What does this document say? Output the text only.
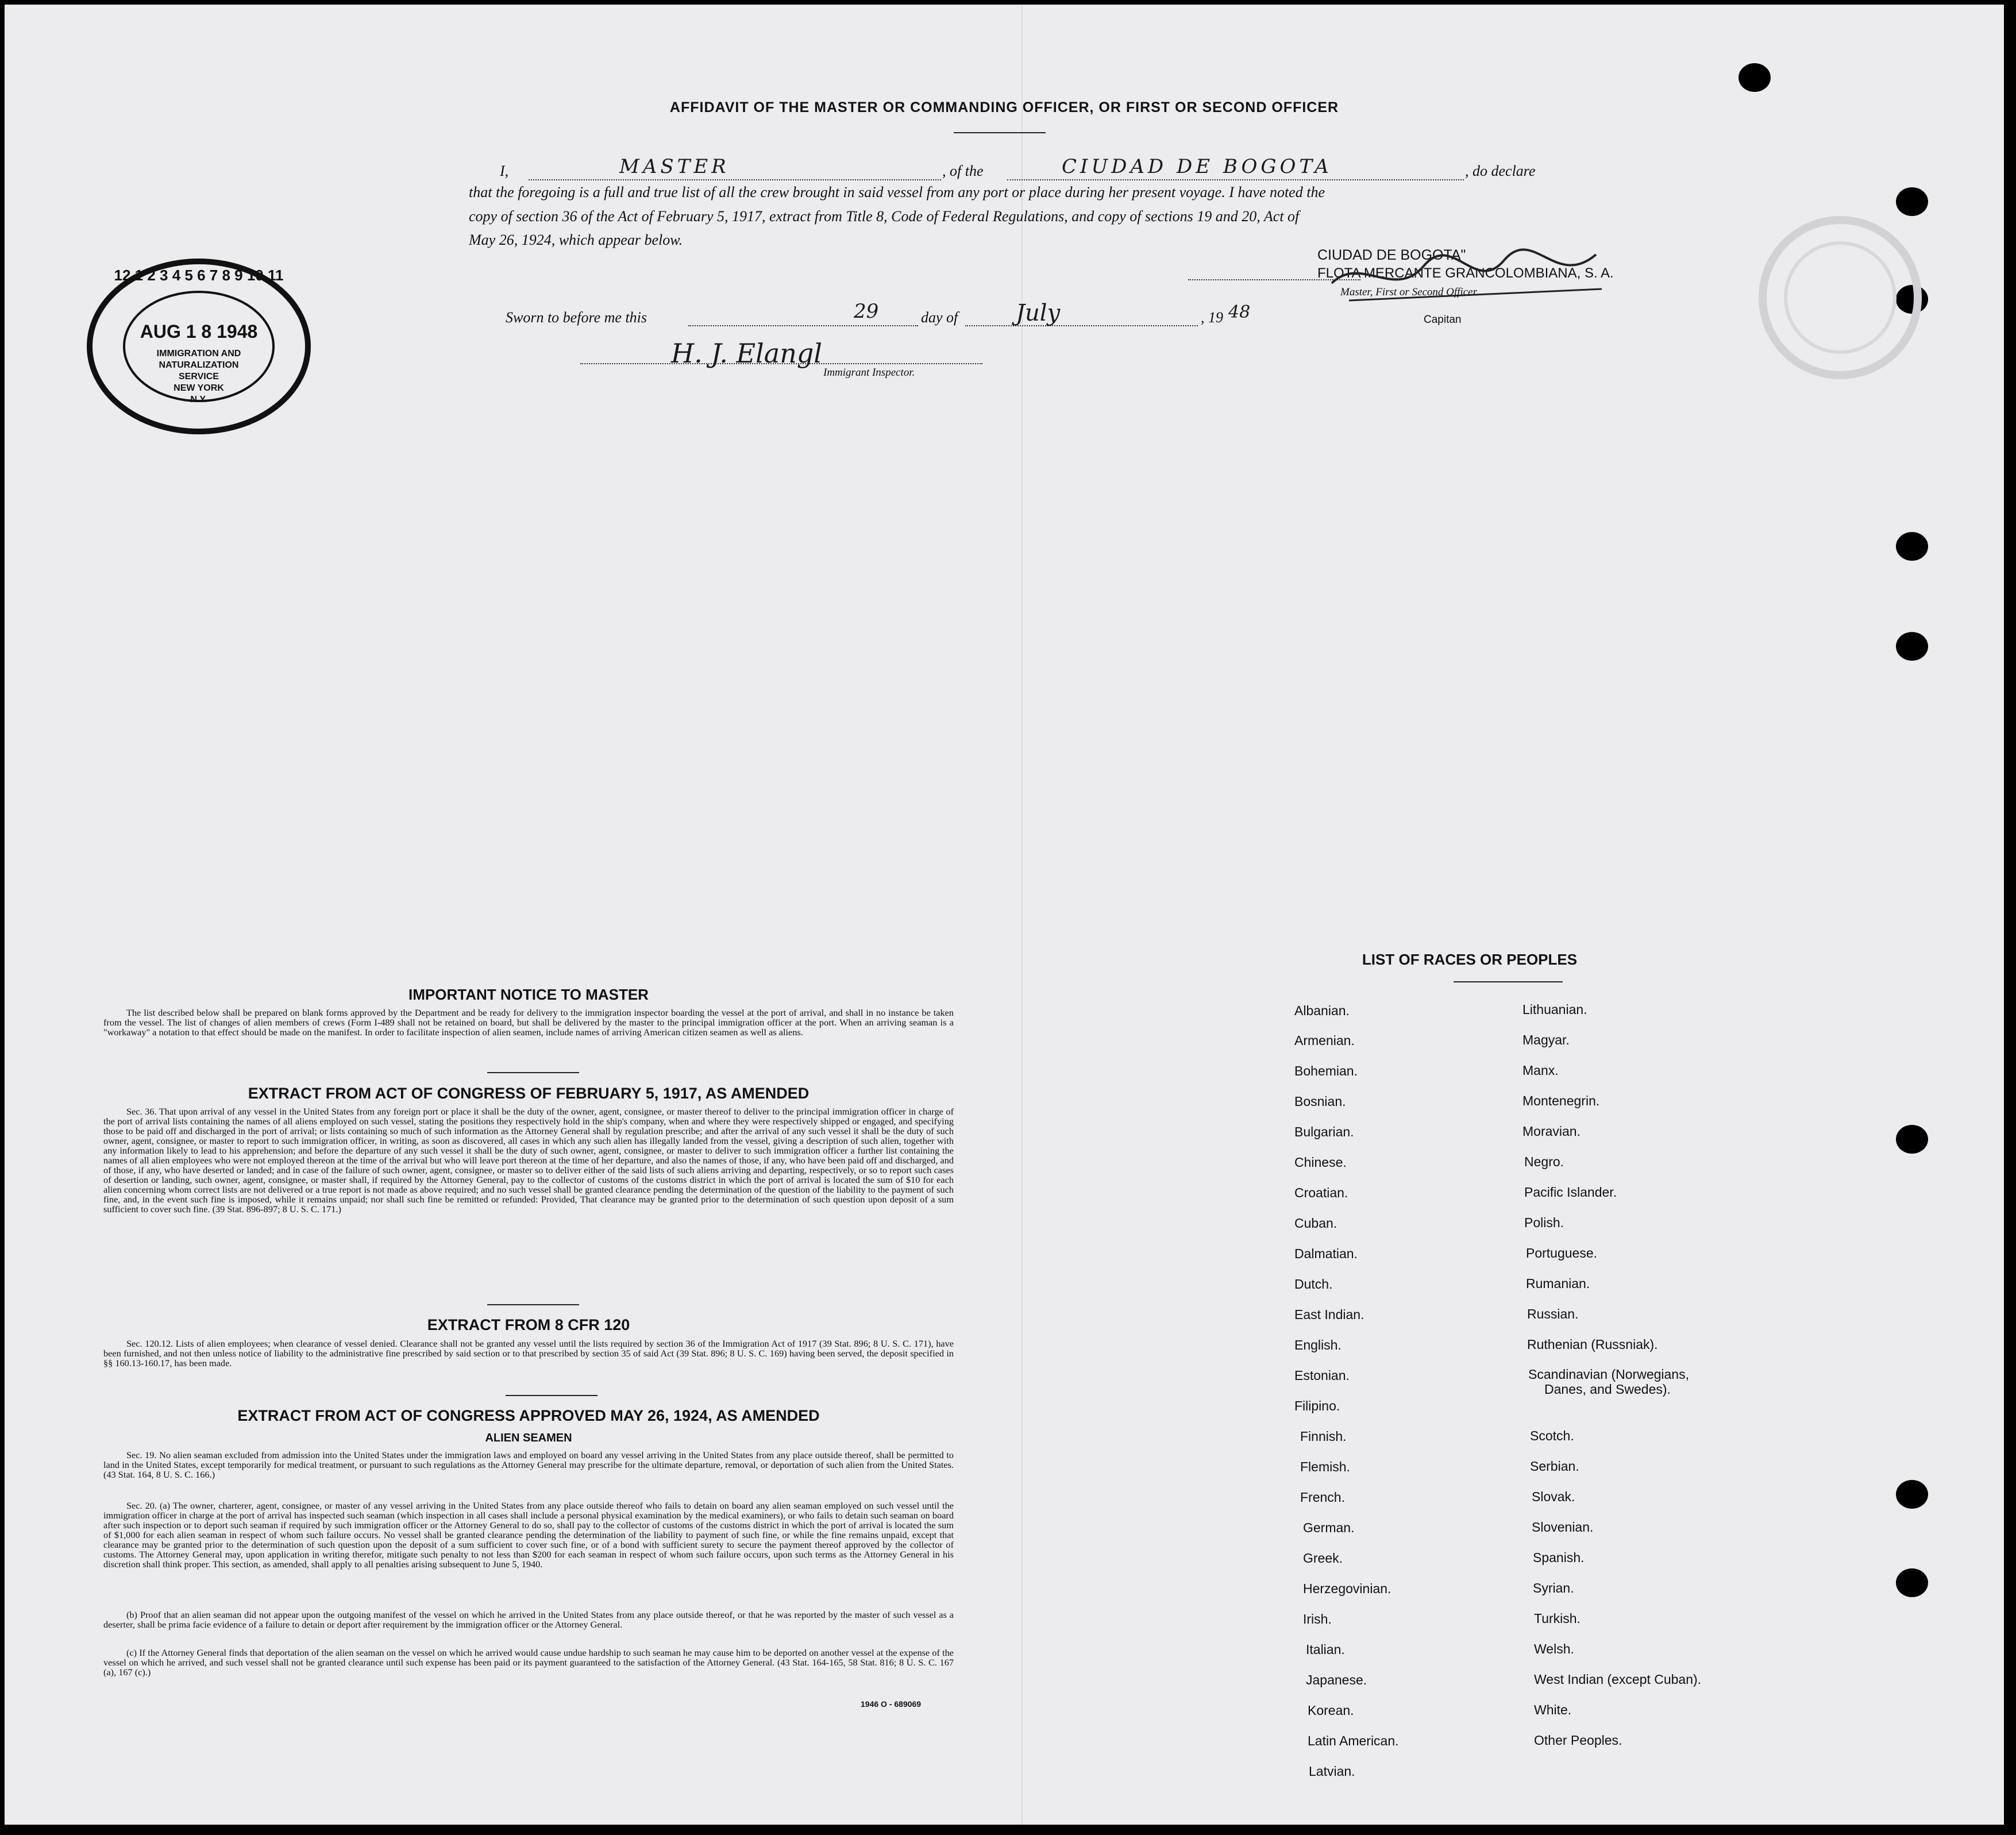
12 1 2 3 4 5 6 7 8 9 10 11
AUG 1 8 1948
IMMIGRATION AND
NATURALIZATION
SERVICE
NEW YORK
N.Y.
AFFIDAVIT OF THE MASTER OR COMMANDING OFFICER, OR FIRST OR SECOND OFFICER
I,	MASTER	, of the	CIUDAD DE BOGOTA	, do declare
that the foregoing is a full and true list of all the crew brought in said vessel from any port or place during her present voyage. I have noted the
copy of section 36 of the Act of February 5, 1917, extract from Title 8, Code of Federal Regulations, and copy of sections 19 and 20, Act of
May 26, 1924, which appear below.
CIUDAD DE BOGOTA"
FLOTA MERCANTE GRANCOLOMBIANA, S. A.
Master, First or Second Officer.
Capitan
Sworn to before me this	29	day of	July	, 19 48
H. J. Elangl
Immigrant Inspector.
IMPORTANT NOTICE TO MASTER

The list described below shall be prepared on blank forms approved by the Department and be ready for delivery to the immigration inspector boarding the vessel at the port of arrival, and shall in no instance be taken from the vessel. The list of changes of alien members of crews (Form I-489 shall not be retained on board, but shall be delivered by the master to the principal immigration officer at the port. When an arriving seaman is a "workaway" a notation to that effect should be made on the manifest. In order to facilitate inspection of alien seamen, include names of arriving American citizen seamen as well as aliens.

EXTRACT FROM ACT OF CONGRESS OF FEBRUARY 5, 1917, AS AMENDED

Sec. 36. That upon arrival of any vessel in the United States from any foreign port or place it shall be the duty of the owner, agent, consignee, or master thereof to deliver to the principal immigration officer in charge of the port of arrival lists containing the names of all aliens employed on such vessel, stating the positions they respectively hold in the ship's company, when and where they were respectively shipped or engaged, and specifying those to be paid off and discharged in the port of arrival; or lists containing so much of such information as the Attorney General shall by regulation prescribe; and after the arrival of any such vessel it shall be the duty of such owner, agent, consignee, or master to report to such immigration officer, in writing, as soon as discovered, all cases in which any such alien has illegally landed from the vessel, giving a description of such alien, together with any information likely to lead to his apprehension; and before the departure of any such vessel it shall be the duty of such owner, agent, consignee, or master to deliver to such immigration officer a further list containing the names of all alien employees who were not employed thereon at the time of the arrival but who will leave port thereon at the time of her departure, and also the names of those, if any, who have been paid off and discharged, and of those, if any, who have deserted or landed; and in case of the failure of such owner, agent, consignee, or master so to deliver either of the said lists of such aliens arriving and departing, respectively, or so to report such cases of desertion or landing, such owner, agent, consignee, or master shall, if required by the Attorney General, pay to the collector of customs of the customs district in which the port of arrival is located the sum of $10 for each alien concerning whom correct lists are not delivered or a true report is not made as above required; and no such vessel shall be granted clearance pending the determination of the question of the liability to the payment of such fine, and, in the event such fine is imposed, while it remains unpaid; nor shall such fine be remitted or refunded: Provided, That clearance may be granted prior to the determination of such question upon deposit of a sum sufficient to cover such fine. (39 Stat. 896-897; 8 U. S. C. 171.)

EXTRACT FROM 8 CFR 120

Sec. 120.12. Lists of alien employees; when clearance of vessel denied. Clearance shall not be granted any vessel until the lists required by section 36 of the Immigration Act of 1917 (39 Stat. 896; 8 U. S. C. 171), have been furnished, and not then unless notice of liability to the administrative fine prescribed by said section or to that prescribed by section 35 of said Act (39 Stat. 896; 8 U. S. C. 169) having been served, the deposit specified in §§ 160.13-160.17, has been made.

EXTRACT FROM ACT OF CONGRESS APPROVED MAY 26, 1924, AS AMENDED
ALIEN SEAMEN

Sec. 19. No alien seaman excluded from admission into the United States under the immigration laws and employed on board any vessel arriving in the United States from any place outside thereof, shall be permitted to land in the United States, except temporarily for medical treatment, or pursuant to such regulations as the Attorney General may prescribe for the ultimate departure, removal, or deportation of such alien from the United States. (43 Stat. 164, 8 U. S. C. 166.)

Sec. 20. (a) The owner, charterer, agent, consignee, or master of any vessel arriving in the United States from any place outside thereof who fails to detain on board any alien seaman employed on such vessel until the immigration officer in charge at the port of arrival has inspected such seaman (which inspection in all cases shall include a personal physical examination by the medical examiners), or who fails to detain such seaman on board after such inspection or to deport such seaman if required by such immigration officer or the Attorney General to do so, shall pay to the collector of customs of the customs district in which the port of arrival is located the sum of $1,000 for each alien seaman in respect of whom such failure occurs. No vessel shall be granted clearance pending the determination of the liability to payment of such fine, or while the fine remains unpaid, except that clearance may be granted prior to the determination of such question upon the deposit of a sum sufficient to cover such fine, or of a bond with sufficient surety to secure the payment thereof approved by the collector of customs. The Attorney General may, upon application in writing therefor, mitigate such penalty to not less than $200 for each seaman in respect of whom such failure occurs, upon such terms as the Attorney General in his discretion shall think proper. This section, as amended, shall apply to all penalties arising subsequent to June 5, 1940.

(b) Proof that an alien seaman did not appear upon the outgoing manifest of the vessel on which he arrived in the United States from any place outside thereof, or that he was reported by the master of such vessel as a deserter, shall be prima facie evidence of a failure to detain or deport after requirement by the immigration officer or the Attorney General.

(c) If the Attorney General finds that deportation of the alien seaman on the vessel on which he arrived would cause undue hardship to such seaman he may cause him to be deported on another vessel at the expense of the vessel on which he arrived, and such vessel shall not be granted clearance until such expense has been paid or its payment guaranteed to the satisfaction of the Attorney General. (43 Stat. 164-165, 58 Stat. 816; 8 U. S. C. 167 (a), 167 (c).)

1946 O - 689069
LIST OF RACES OR PEOPLES
Albanian.
Armenian.
Bohemian.
Bosnian.
Bulgarian.
Chinese.
Croatian.
Cuban.
Dalmatian.
Dutch.
East Indian.
English.
Estonian.
Filipino.
Finnish.
Flemish.
French.
German.
Greek.
Herzegovinian.
Irish.
Italian.
Japanese.
Korean.
Latin American.
Latvian.
Lithuanian.
Magyar.
Manx.
Montenegrin.
Moravian.
Negro.
Pacific Islander.
Polish.
Portuguese.
Rumanian.
Russian.
Ruthenian (Russniak).
Scandinavian (Norwegians,
Danes, and Swedes).
Scotch.
Serbian.
Slovak.
Slovenian.
Spanish.
Syrian.
Turkish.
Welsh.
West Indian (except Cuban).
White.
Other Peoples.
